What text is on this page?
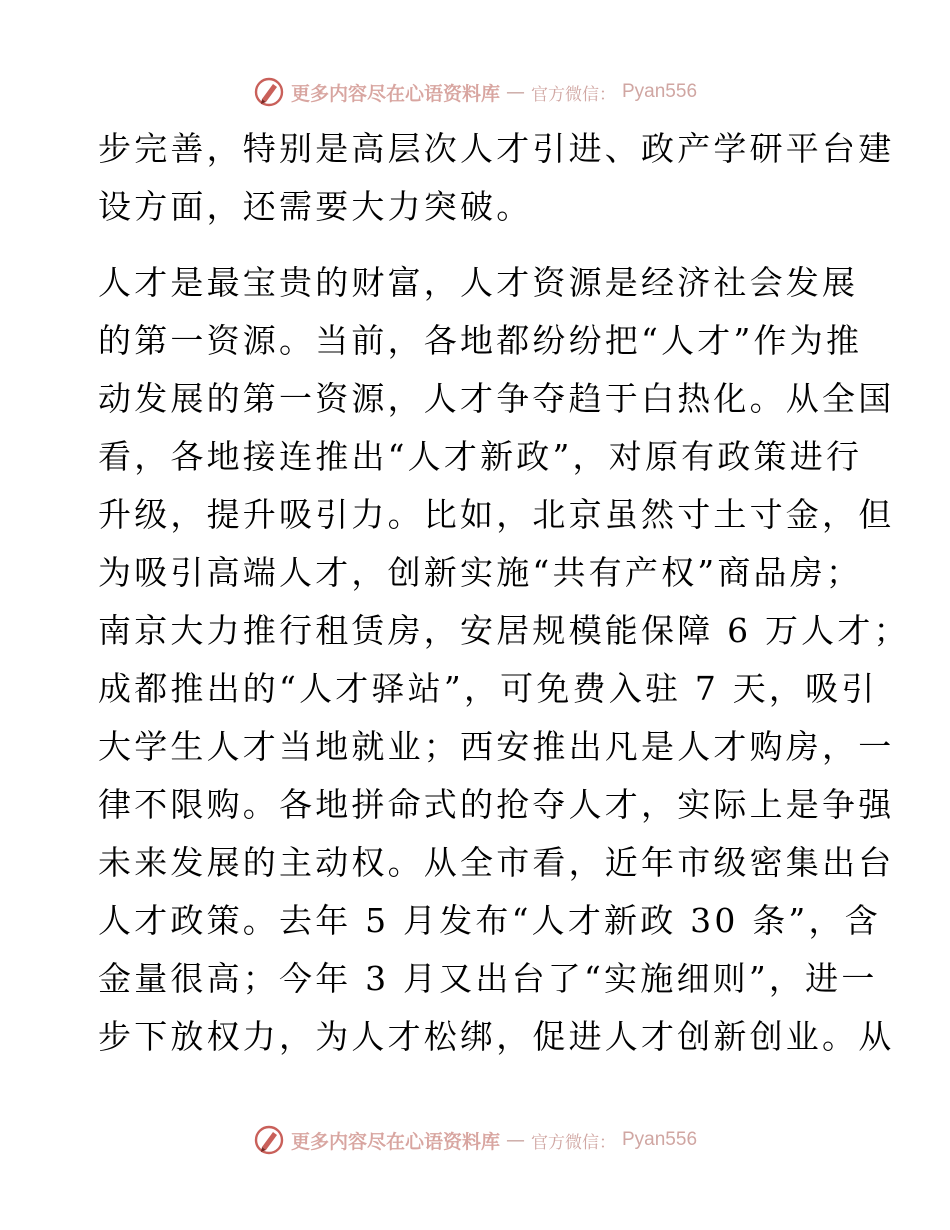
更多内容尽在心语资料库 — 官方微信： Pyan556
步完善，特别是高层次人才引进、政产学研平台建
设方面，还需要大力突破。
人才是最宝贵的财富，人才资源是经济社会发展
的第一资源。当前，各地都纷纷把“人才”作为推
动发展的第一资源，人才争夺趋于白热化。从全国
看，各地接连推出“人才新政”，对原有政策进行
升级，提升吸引力。比如，北京虽然寸土寸金，但
为吸引高端人才，创新实施“共有产权”商品房；
南京大力推行租赁房，安居规模能保障 6 万人才；
成都推出的“人才驿站”，可免费入驻 7 天，吸引
大学生人才当地就业；西安推出凡是人才购房，一
律不限购。各地拼命式的抢夺人才，实际上是争强
未来发展的主动权。从全市看，近年市级密集出台
人才政策。去年 5 月发布“人才新政 30 条”，含
金量很高；今年 3 月又出台了“实施细则”，进一
步下放权力，为人才松绑，促进人才创新创业。从
更多内容尽在心语资料库 — 官方微信： Pyan556
